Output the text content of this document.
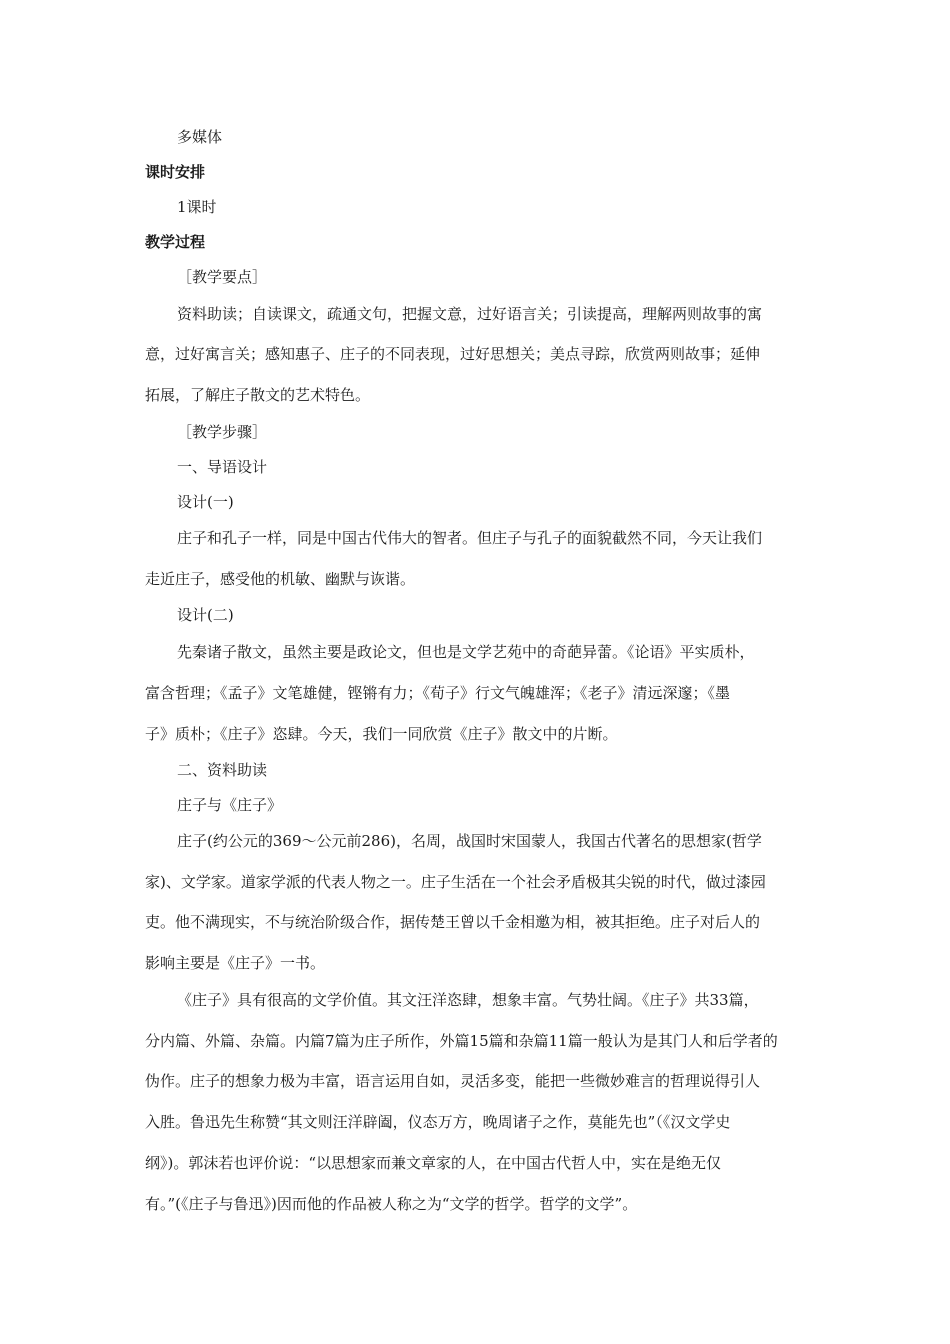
多媒体

课时安排

1课时

教学过程

［教学要点］

资料助读；自读课文，疏通文句，把握文意，过好语言关；引读提高，理解两则故事的寓

意，过好寓言关；感知惠子、庄子的不同表现，过好思想关；美点寻踪，欣赏两则故事；延伸

拓展，了解庄子散文的艺术特色。

［教学步骤］

一、导语设计

设计(一)

庄子和孔子一样，同是中国古代伟大的智者。但庄子与孔子的面貌截然不同，今天让我们

走近庄子，感受他的机敏、幽默与诙谐。

设计(二)

先秦诸子散文，虽然主要是政论文，但也是文学艺苑中的奇葩异蕾。《论语》平实质朴，

富含哲理；《孟子》文笔雄健，铿锵有力；《荀子》行文气魄雄浑；《老子》清远深邃；《墨

子》质朴；《庄子》恣肆。今天，我们一同欣赏《庄子》散文中的片断。

二、资料助读

庄子与《庄子》

庄子(约公元的369～公元前286)，名周，战国时宋国蒙人，我国古代著名的思想家(哲学

家)、文学家。道家学派的代表人物之一。庄子生活在一个社会矛盾极其尖锐的时代，做过漆园

吏。他不满现实，不与统治阶级合作，据传楚王曾以千金相邀为相，被其拒绝。庄子对后人的

影响主要是《庄子》一书。

《庄子》具有很高的文学价值。其文汪洋恣肆，想象丰富。气势壮阔。《庄子》共33篇，

分内篇、外篇、杂篇。内篇7篇为庄子所作，外篇15篇和杂篇11篇一般认为是其门人和后学者的

伪作。庄子的想象力极为丰富，语言运用自如，灵活多变，能把一些微妙难言的哲理说得引人

入胜。鲁迅先生称赞“其文则汪洋辟阖，仪态万方，晚周诸子之作，莫能先也”（《汉文学史

纲》)。郭沫若也评价说：“以思想家而兼文章家的人，在中国古代哲人中，实在是绝无仅

有。”(《庄子与鲁迅》)因而他的作品被人称之为“文学的哲学。哲学的文学”。
